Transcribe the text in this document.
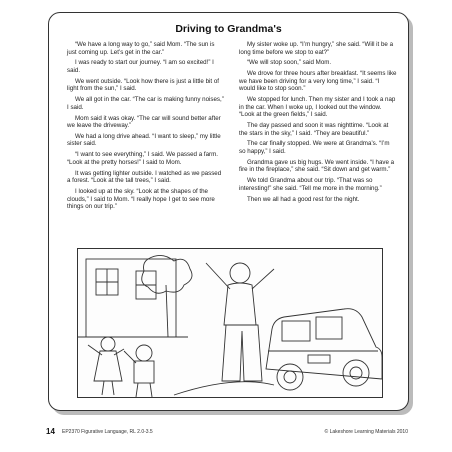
Driving to Grandma's

“We have a long way to go,” said Mom. “The sun is just coming up. Let’s get in the car.”

I was ready to start our journey. “I am so excited!” I said.

We went outside. “Look how there is just a little bit of light from the sun,” I said.

We all got in the car. “The car is making funny noises,” I said.

Mom said it was okay. “The car will sound better after we leave the driveway.”

We had a long drive ahead. “I want to sleep,” my little sister said.

“I want to see everything,” I said. We passed a farm. “Look at the pretty horses!” I said to Mom.

It was getting lighter outside. I watched as we passed a forest. “Look at the tall trees,” I said.

I looked up at the sky. “Look at the shapes of the clouds,” I said to Mom. “I really hope I get to see more things on our trip.”

My sister woke up. “I’m hungry,” she said. “Will it be a long time before we stop to eat?”

“We will stop soon,” said Mom.

We drove for three hours after breakfast. “It seems like we have been driving for a very long time,” I said. “I would like to stop soon.”

We stopped for lunch. Then my sister and I took a nap in the car. When I woke up, I looked out the window. “Look at the green fields,” I said.

The day passed and soon it was nighttime. “Look at the stars in the sky,” I said. “They are beautiful.”

The car finally stopped. We were at Grandma’s. “I’m so happy,” I said.

Grandma gave us big hugs. We went inside. “I have a fire in the fireplace,” she said. “Sit down and get warm.”

We told Grandma about our trip. “That was so interesting!” she said. “Tell me more in the morning.”

Then we all had a good rest for the night.

14 EP2370 Figurative Language, RL 2.0-3.5	© Lakeshore Learning Materials 2010
